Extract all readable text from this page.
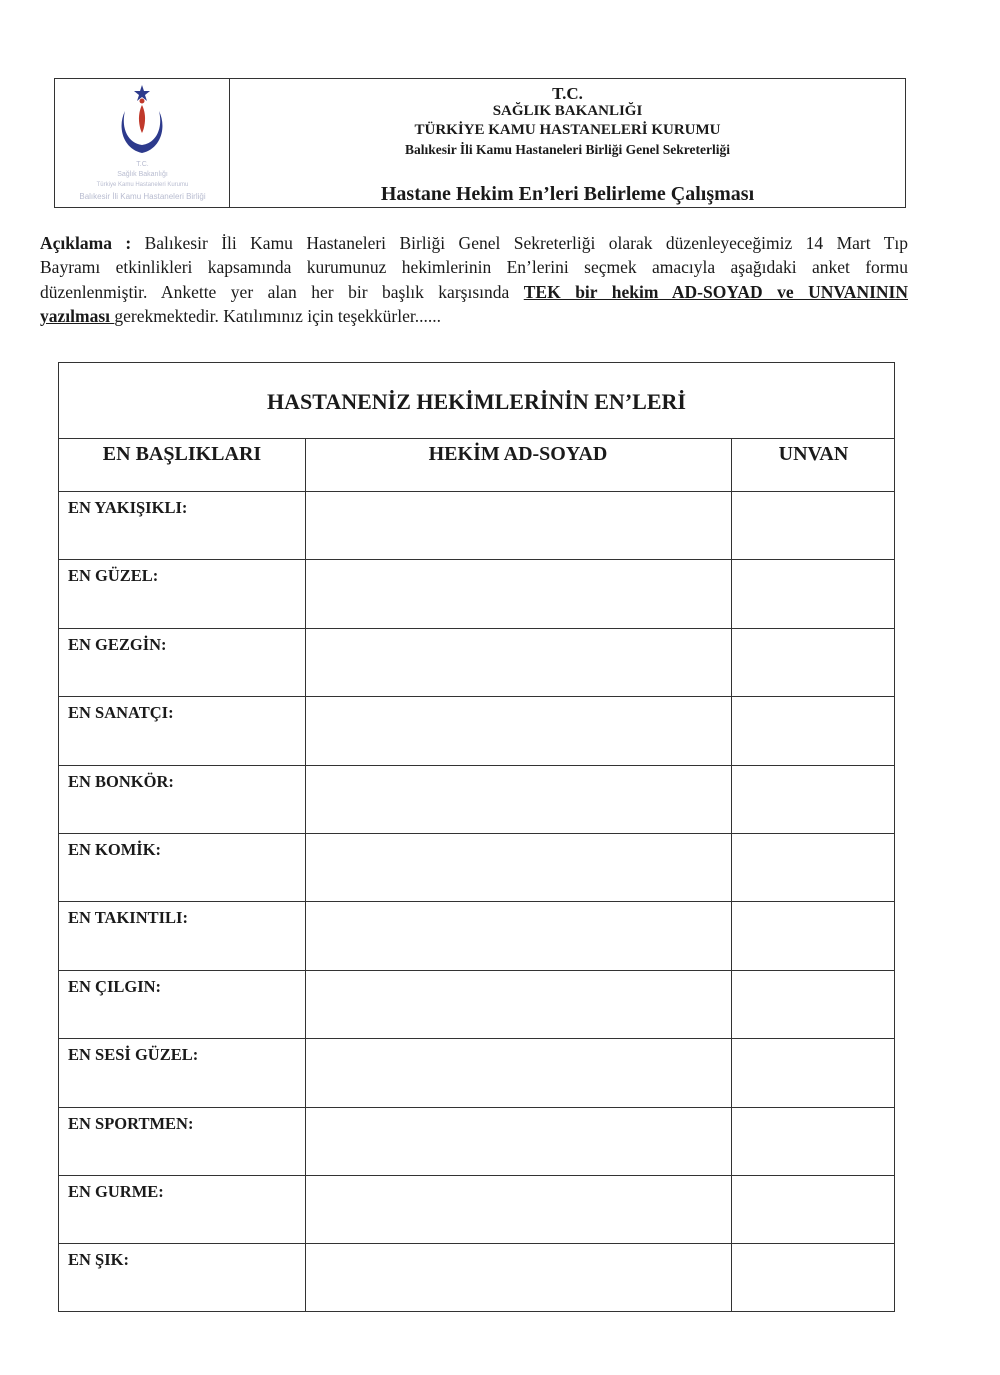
Sağlık Bakanlığı
Türkiye Kamu Hastaneleri Kurumu
Balıkesir İli Kamu Hastaneleri Birliği
T.C.
T.C.
SAĞLIK BAKANLIĞI
TÜRKİYE KAMU HASTANELERİ KURUMU
Balıkesir İli Kamu Hastaneleri Birliği Genel Sekreterliği
Hastane Hekim En’leri Belirleme Çalışması
Açıklama : Balıkesir İli Kamu Hastaneleri Birliği Genel Sekreterliği olarak düzenleyeceğimiz 14 Mart Tıp
Bayramı etkinlikleri kapsamında kurumunuz hekimlerinin En’lerini seçmek amacıyla aşağıdaki anket formu
düzenlenmiştir. Ankette yer alan her bir başlık karşısında TEK bir hekim AD-SOYAD ve UNVANININ
yazılması gerekmektedir. Katılımınız için teşekkürler......
HASTANENİZ HEKİMLERİNİN EN’LERİ
EN BAŞLIKLARI	HEKİM AD-SOYAD	UNVAN
EN YAKIŞIKLI:
EN GÜZEL:
EN GEZGİN:
EN SANATÇI:
EN BONKÖR:
EN KOMİK:
EN TAKINTILI:
EN ÇILGIN:
EN SESİ GÜZEL:
EN SPORTMEN:
EN GURME:
EN ŞIK:
